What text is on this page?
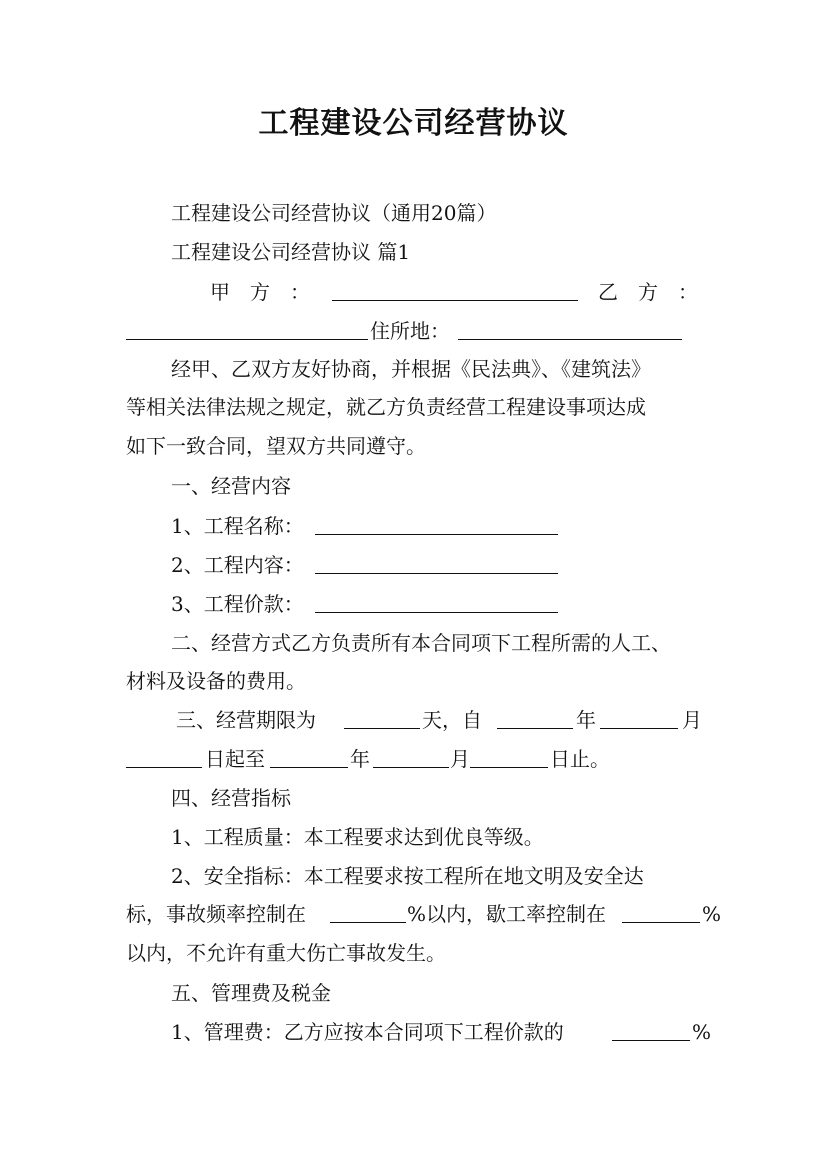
工程建设公司经营协议
工程建设公司经营协议（通用20篇）
工程建设公司经营协议 篇1
甲　方　：	乙　方　：
住所地：
经甲、乙双方友好协商，并根据《民法典》、《建筑法》
等相关法律法规之规定，就乙方负责经营工程建设事项达成
如下一致合同，望双方共同遵守。
一、经营内容
1、工程名称：
2、工程内容：
3、工程价款：
二、经营方式乙方负责所有本合同项下工程所需的人工、
材料及设备的费用。
三、经营期限为	天，自	年	月
日起至	年	月	日止。
四、经营指标
1、工程质量：本工程要求达到优良等级。
2、安全指标：本工程要求按工程所在地文明及安全达
标，事故频率控制在	%以内，歇工率控制在	%
以内，不允许有重大伤亡事故发生。
五、管理费及税金
1、管理费：乙方应按本合同项下工程价款的	%
